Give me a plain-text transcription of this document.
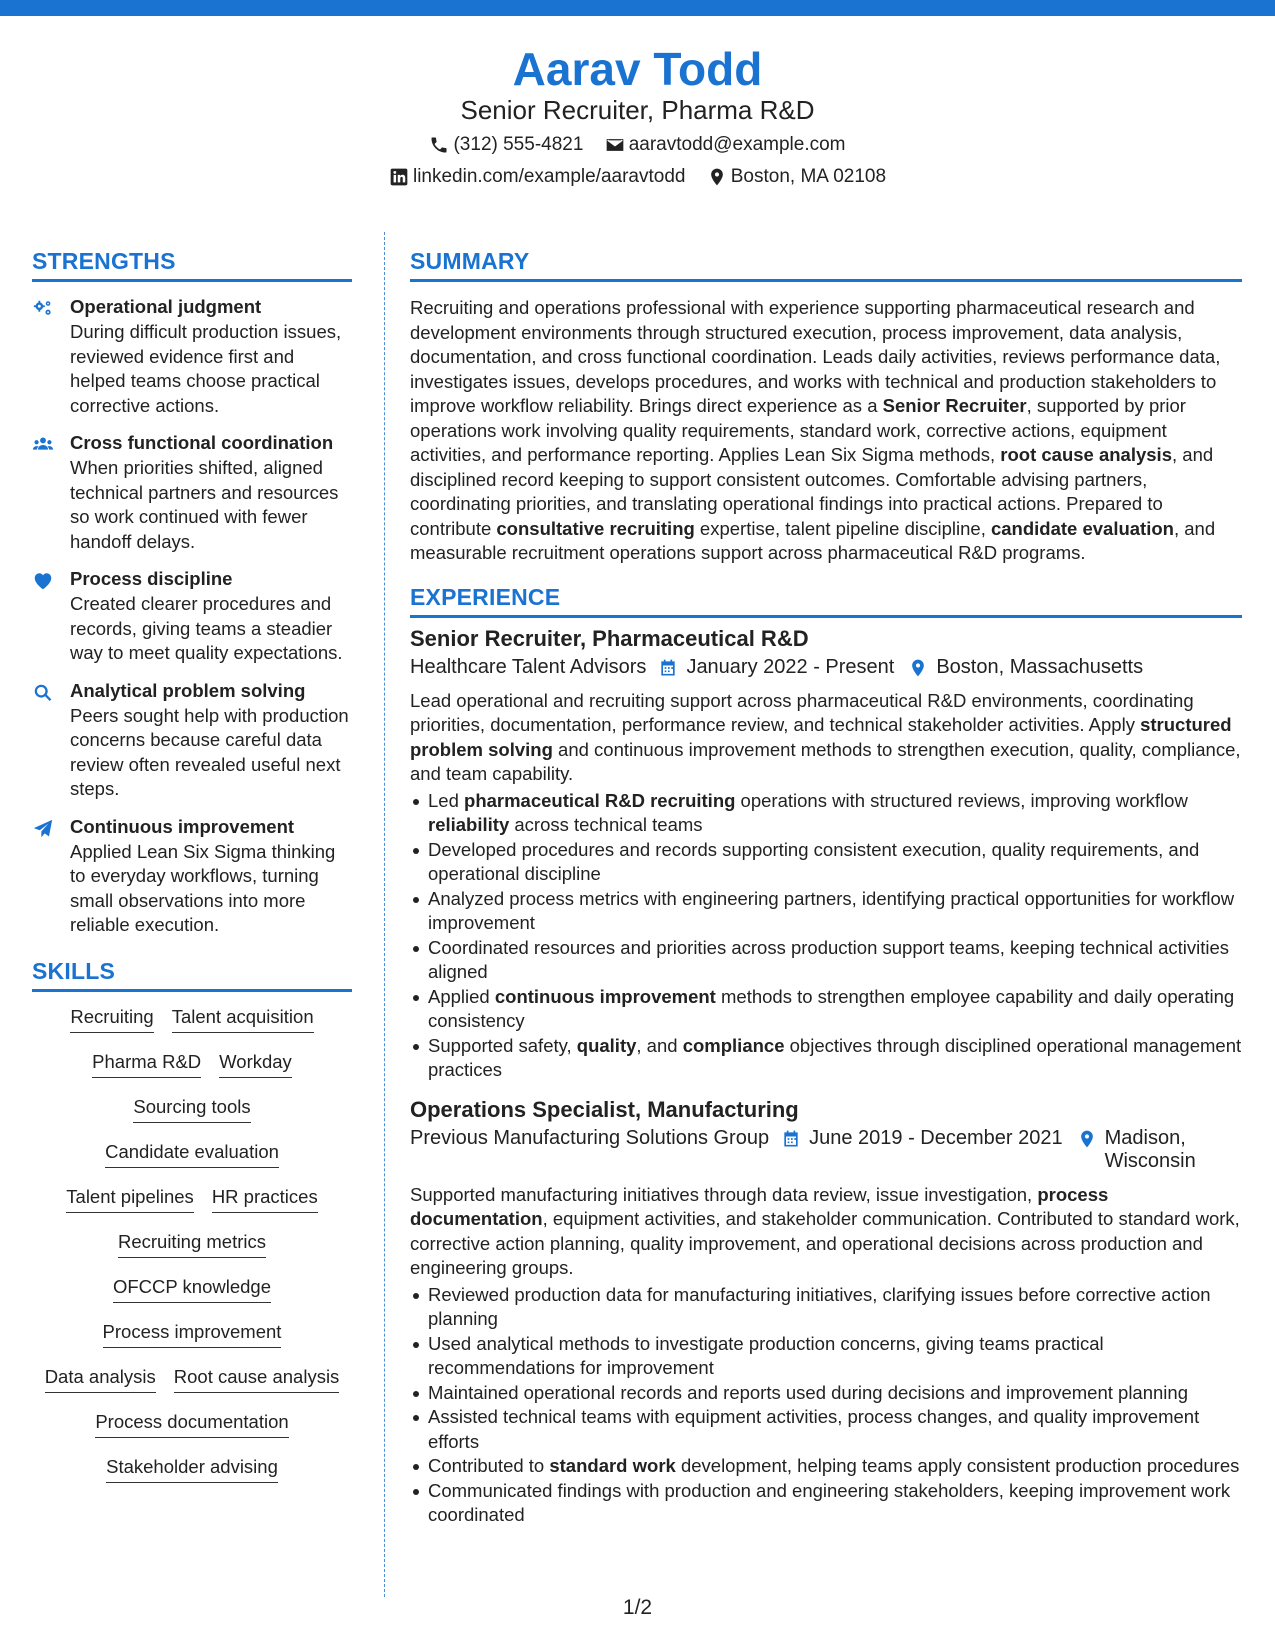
Aarav Todd
Senior Recruiter, Pharma R&D
(312) 555-4821
aaravtodd@example.com
linkedin.com/example/aaravtodd
Boston, MA 02108
STRENGTHS
Operational judgment
During difficult production issues, reviewed evidence first and helped teams choose practical corrective actions.
Cross functional coordination
When priorities shifted, aligned technical partners and resources so work continued with fewer handoff delays.
Process discipline
Created clearer procedures and records, giving teams a steadier way to meet quality expectations.
Analytical problem solving
Peers sought help with production concerns because careful data review often revealed useful next steps.
Continuous improvement
Applied Lean Six Sigma thinking to everyday workflows, turning small observations into more reliable execution.
SKILLS
Recruiting Talent acquisition
Pharma R&D Workday
Sourcing tools
Candidate evaluation
Talent pipelines HR practices
Recruiting metrics
OFCCP knowledge
Process improvement
Data analysis Root cause analysis
Process documentation
Stakeholder advising
SUMMARY
Recruiting and operations professional with experience supporting pharmaceutical research and development environments through structured execution, process improvement, data analysis, documentation, and cross functional coordination. Leads daily activities, reviews performance data, investigates issues, develops procedures, and works with technical and production stakeholders to improve workflow reliability. Brings direct experience as a Senior Recruiter, supported by prior operations work involving quality requirements, standard work, corrective actions, equipment activities, and performance reporting. Applies Lean Six Sigma methods, root cause analysis, and disciplined record keeping to support consistent outcomes. Comfortable advising partners, coordinating priorities, and translating operational findings into practical actions. Prepared to contribute consultative recruiting expertise, talent pipeline discipline, candidate evaluation, and measurable recruitment operations support across pharmaceutical R&D programs.
EXPERIENCE
Senior Recruiter, Pharmaceutical R&D
Healthcare Talent Advisors January 2022 - Present Boston, Massachusetts
Lead operational and recruiting support across pharmaceutical R&D environments, coordinating priorities, documentation, performance review, and technical stakeholder activities. Apply structured problem solving and continuous improvement methods to strengthen execution, quality, compliance, and team capability.
Led pharmaceutical R&D recruiting operations with structured reviews, improving workflow reliability across technical teams
Developed procedures and records supporting consistent execution, quality requirements, and operational discipline
Analyzed process metrics with engineering partners, identifying practical opportunities for workflow improvement
Coordinated resources and priorities across production support teams, keeping technical activities aligned
Applied continuous improvement methods to strengthen employee capability and daily operating consistency
Supported safety, quality, and compliance objectives through disciplined operational management practices
Operations Specialist, Manufacturing
Previous Manufacturing Solutions Group June 2019 - December 2021 Madison, Wisconsin
Supported manufacturing initiatives through data review, issue investigation, process documentation, equipment activities, and stakeholder communication. Contributed to standard work, corrective action planning, quality improvement, and operational decisions across production and engineering groups.
Reviewed production data for manufacturing initiatives, clarifying issues before corrective action planning
Used analytical methods to investigate production concerns, giving teams practical recommendations for improvement
Maintained operational records and reports used during decisions and improvement planning
Assisted technical teams with equipment activities, process changes, and quality improvement efforts
Contributed to standard work development, helping teams apply consistent production procedures
Communicated findings with production and engineering stakeholders, keeping improvement work coordinated
1/2
